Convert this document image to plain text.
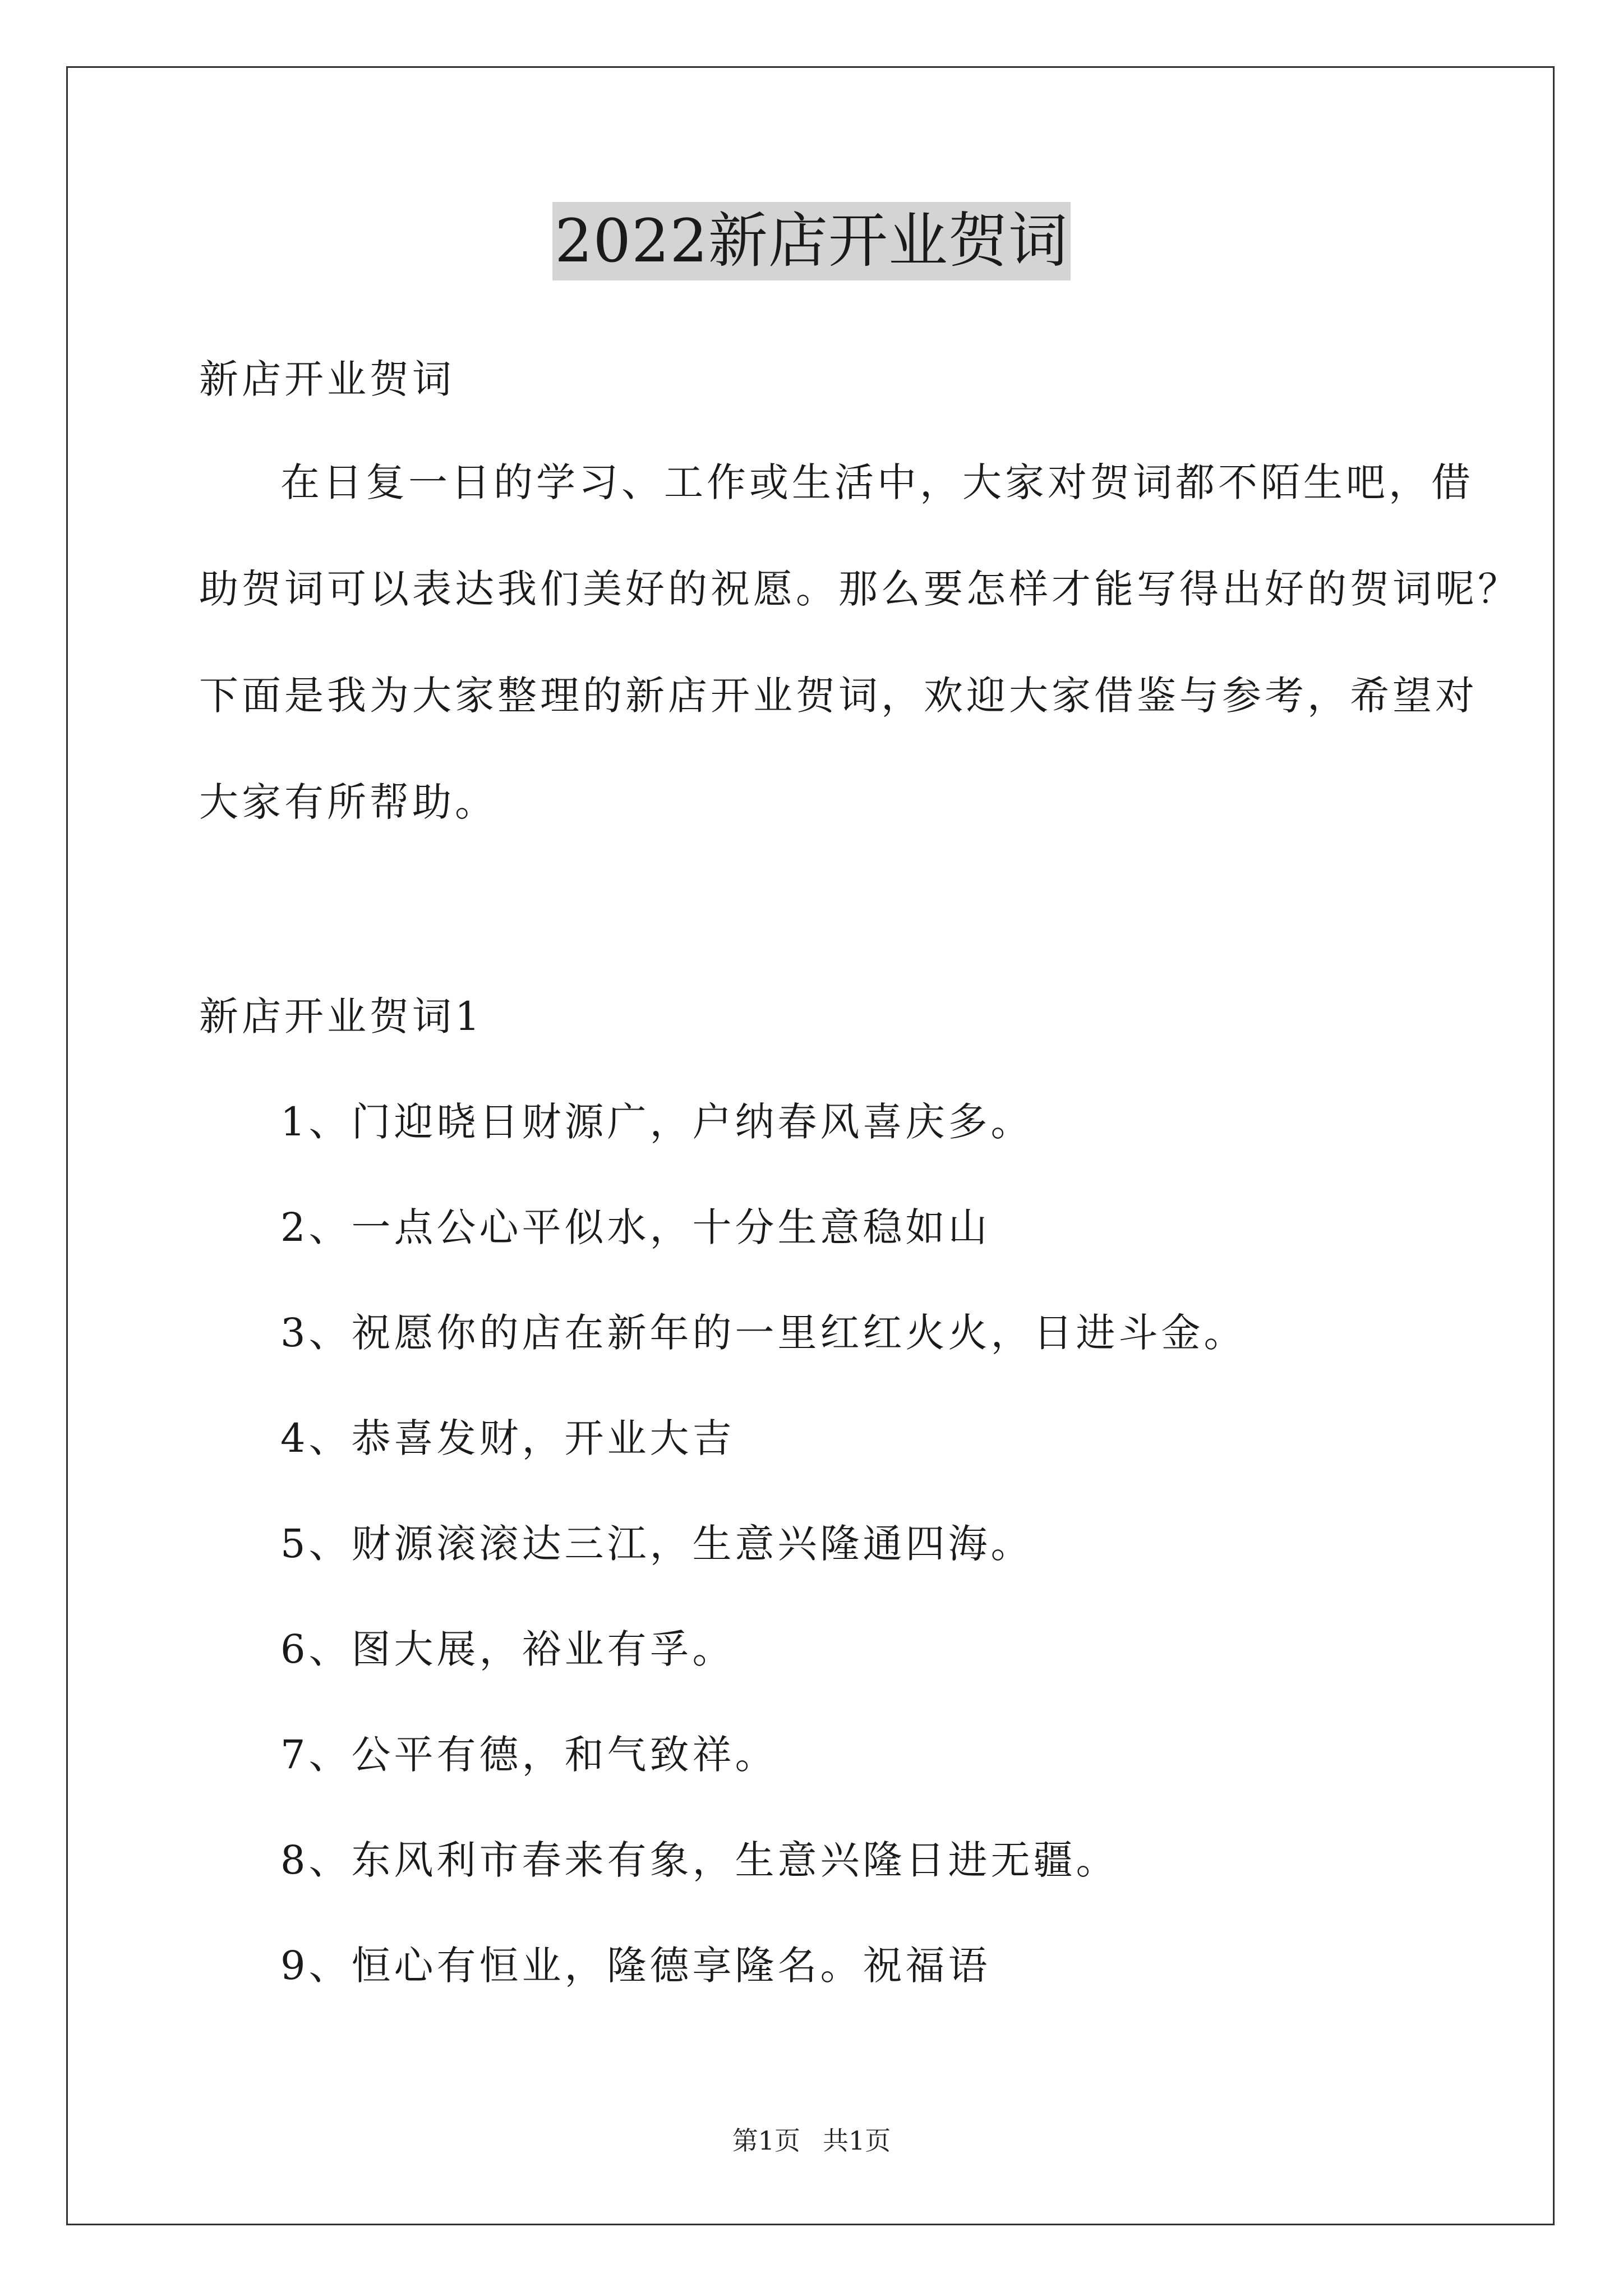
2022新店开业贺词
新店开业贺词
在日复一日的学习、工作或生活中，大家对贺词都不陌生吧，借
助贺词可以表达我们美好的祝愿。那么要怎样才能写得出好的贺词呢？
下面是我为大家整理的新店开业贺词，欢迎大家借鉴与参考，希望对
大家有所帮助。
新店开业贺词1
1、门迎晓日财源广，户纳春风喜庆多。
2、一点公心平似水，十分生意稳如山
3、祝愿你的店在新年的一里红红火火，日进斗金。
4、恭喜发财，开业大吉
5、财源滚滚达三江，生意兴隆通四海。
6、图大展，裕业有孚。
7、公平有德，和气致祥。
8、东风利市春来有象，生意兴隆日进无疆。
9、恒心有恒业，隆德享隆名。祝福语
第1页 共1页
